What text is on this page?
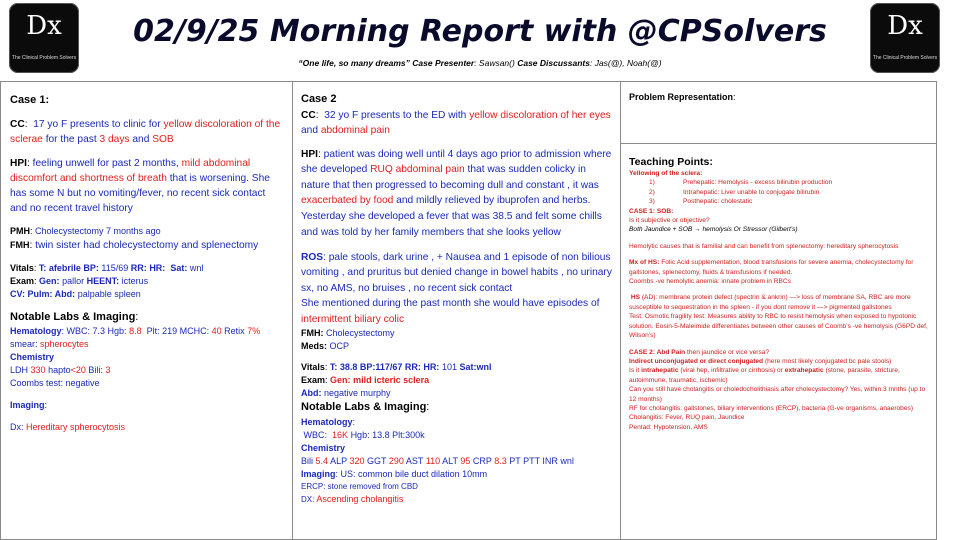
Dx
The Clinical Problem Solvers
02/9/25 Morning Report with @CPSolvers	Dx
The Clinical Problem Solvers
“One life, so many dreams” Case Presenter: Sawsan() Case Discussants: Jas(@), Noah(@)

Case 1:

CC:  17 yo F presents to clinic for yellow discoloration of the sclerae for the past 3 days and SOB

HPI: feeling unwell for past 2 months, mild abdominal discomfort and shortness of breath that is worsening. She has some N but no vomiting/fever, no recent sick contact and no recent travel history

PMH: Cholecystectomy 7 months ago

FMH: twin sister had cholecystectomy and splenectomy

Vitals: T: afebrile BP: 115/69 RR: HR: Sat: wnl

Exam: Gen: pallor HEENT: icterus

CV: Pulm: Abd: palpable spleen

Notable Labs & Imaging:

Hematology: WBC: 7.3 Hgb: 8.8 Plt: 219 MCHC: 40 Retix 7% smear: spherocytes

Chemistry

LDH 330 hapto<20 Bili: 3

Coombs test: negative

Imaging:

Dx: Hereditary spherocytosis

Case 2

CC:  32 yo F presents to the ED with yellow discoloration of her eyes and abdominal pain

HPI: patient was doing well until 4 days ago prior to admission where she developed RUQ abdominal pain that was sudden colicky in nature that then progressed to becoming dull and constant , it was exacerbated by food and mildly relieved by ibuprofen and herbs.

Yesterday she developed a fever that was 38.5 and felt some chills and was told by her family members that she looks yellow

ROS: pale stools, dark urine , + Nausea and 1 episode of non bilious vomiting , and pruritus but denied change in bowel habits , no urinary sx, no AMS, no bruises , no recent sick contact

She mentioned during the past month she would have episodes of intermittent biliary colic

FMH: Cholecystectomy

Meds: OCP

Vitals: T: 38.8 BP:117/67 RR: HR: 101 Sat:wnl

Exam: Gen: mild icteric sclera

Abd: negative murphy

Notable Labs & Imaging:

Hematology:

WBC: 16K Hgb: 13.8 Plt:300k

Chemistry

Bili 5.4 ALP 320 GGT 290 AST 110 ALT 95 CRP 8.3 PT PTT INR wnl

Imaging: US: common bile duct dilation 10mm

ERCP: stone removed from CBD

DX: Ascending cholangitis

Problem Representation:

Teaching Points:

Yellowing of the sclera:

1)	Prehepatic: Hemolysis - excess bilirubin production

2)	Intrahepatic: Liver unable to conjugate bilirubin

3)	Posthepatic: cholestatic

CASE 1: SOB:

Is it subjective or objective?

Both Jaundice + SOB → hemolysis Or Stressor (Gilbert’s)

Hemolytic causes that is familial and can benefit from splenectomy: hereditary spherocytosis

Mx of HS: Folic Acid supplementation, blood transfusions for severe anemia, cholecystectomy for gallstones, splenectomy, fluids & transfusions if needed.

Coombs -ve hemolytic anemia: innate problem in RBCs

HS (AD): membrane protein defect (spectrin & ankrin) —> loss of membrane SA, RBC are more susceptible to sequestration in the spleen - if you dont remove it —> pigmented gallstones

Test: Osmotic fragility test: Measures ability to RBC to resist hemolysis when exposed to hypotonic solution. Eosin-5-Maleimide differentiates between other causes of Coomb’s -ve hemolysis (G6PD def, Wilson’s)

CASE 2: Abd Pain then jaundice or vice versa?

Indirect unconjugated or direct conjugated (here most likely conjugated bc pale stools)

Is it intrahepatic (viral hep, infiltrative or cirrhosis) or extrahepatic (stone, parasite, stricture, autoimmune, traumatic, ischemic)

Can you still have cholangitis or choledocholithiasis after cholecystectomy? Yes, within 3 mnths (up to 12 months)

RF for cholangitis: gallstones, biliary interventions (ERCP), bacteria (G-ve organisms, anaerobes)

Cholangitis: Fever, RUQ pain, Jaundice

Pentad: Hypotension, AMS
